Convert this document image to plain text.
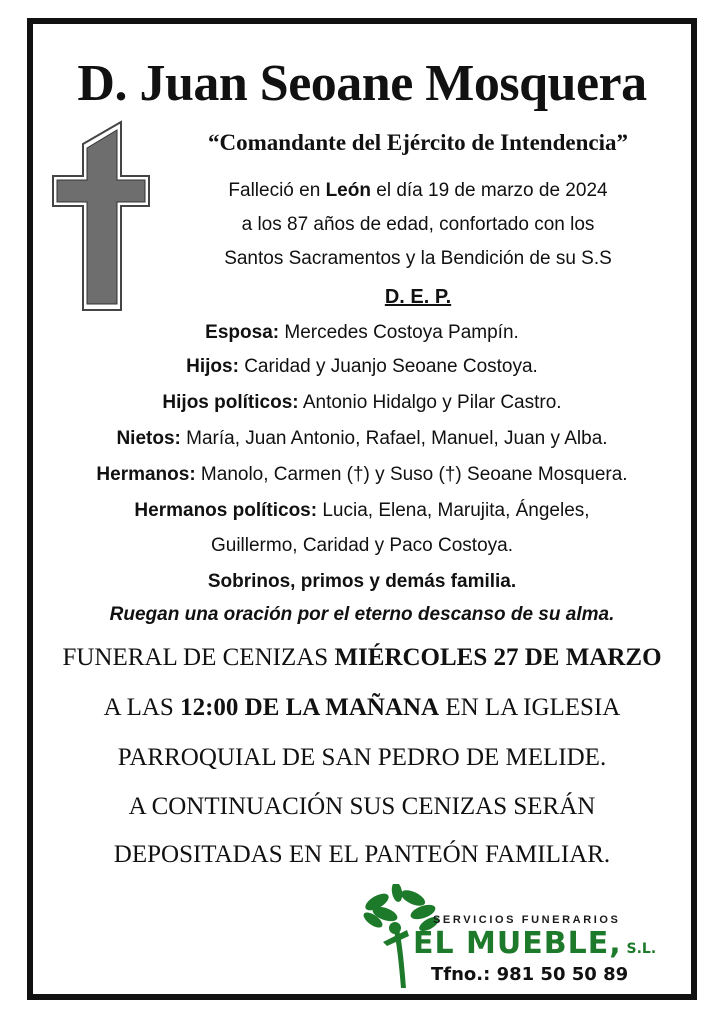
D. Juan Seoane Mosquera
“Comandante del Ejército de Intendencia”
Falleció en León el día 19 de marzo de 2024
a los 87 años de edad, confortado con los
Santos Sacramentos y la Bendición de su S.S
D. E. P.
Esposa: Mercedes Costoya Pampín.
Hijos: Caridad y Juanjo Seoane Costoya.
Hijos políticos: Antonio Hidalgo y Pilar Castro.
Nietos: María, Juan Antonio, Rafael, Manuel, Juan y Alba.
Hermanos: Manolo, Carmen (†) y Suso (†) Seoane Mosquera.
Hermanos políticos: Lucia, Elena, Marujita, Ángeles,
Guillermo, Caridad y Paco Costoya.
Sobrinos, primos y demás familia.
Ruegan una oración por el eterno descanso de su alma.
FUNERAL DE CENIZAS MIÉRCOLES 27 DE MARZO
A LAS 12:00 DE LA MAÑANA EN LA IGLESIA
PARROQUIAL DE SAN PEDRO DE MELIDE.
A CONTINUACIÓN SUS CENIZAS SERÁN
DEPOSITADAS EN EL PANTEÓN FAMILIAR.
SERVICIOS FUNERARIOS
EL MUEBLE, S.L.
Tfno.: 981 50 50 89
